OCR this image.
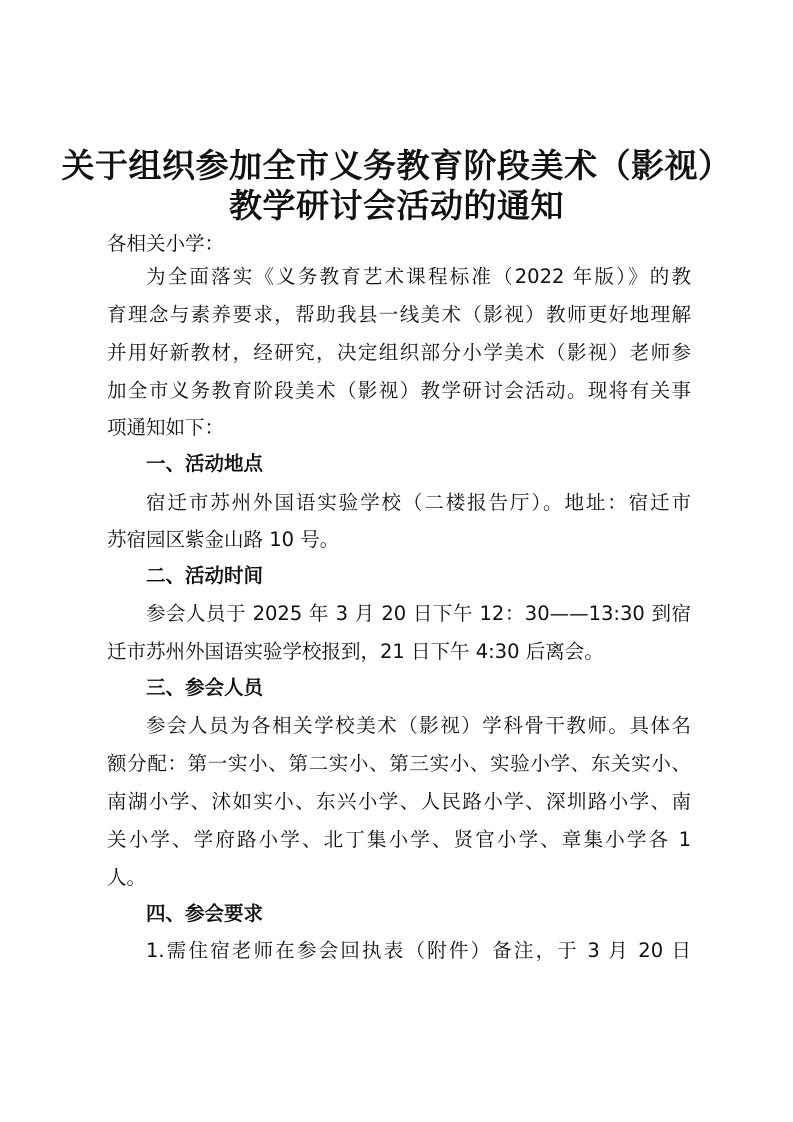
关于组织参加全市义务教育阶段美术（影视）
教学研讨会活动的通知
各相关小学：
为全面落实《义务教育艺术课程标准（2022 年版）》的教
育理念与素养要求，帮助我县一线美术（影视）教师更好地理解
并用好新教材，经研究，决定组织部分小学美术（影视）老师参
加全市义务教育阶段美术（影视）教学研讨会活动。现将有关事
项通知如下：
一、活动地点
宿迁市苏州外国语实验学校（二楼报告厅）。地址：宿迁市
苏宿园区紫金山路 10 号。
二、活动时间
参会人员于 2025 年 3 月 20 日下午 12：30——13:30 到宿
迁市苏州外国语实验学校报到，21 日下午 4:30 后离会。
三、参会人员
参会人员为各相关学校美术（影视）学科骨干教师。具体名
额分配：第一实小、第二实小、第三实小、实验小学、东关实小、
南湖小学、沭如实小、东兴小学、人民路小学、深圳路小学、南
关小学、学府路小学、北丁集小学、贤官小学、章集小学各 1
人。
四、参会要求
1.需住宿老师在参会回执表（附件）备注，于 3 月 20 日
